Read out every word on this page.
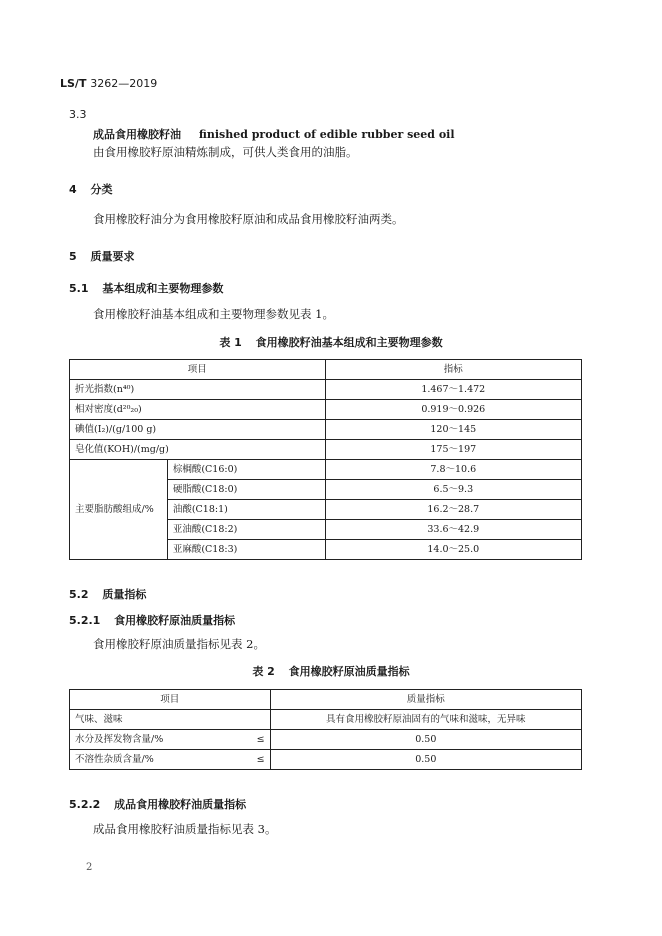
LS/T 3262—2019
3.3
成品食用橡胶籽油 finished product of edible rubber seed oil
由食用橡胶籽原油精炼制成，可供人类食用的油脂。
4 分类
食用橡胶籽油分为食用橡胶籽原油和成品食用橡胶籽油两类。
5 质量要求
5.1 基本组成和主要物理参数
食用橡胶籽油基本组成和主要物理参数见表 1。
表 1 食用橡胶籽油基本组成和主要物理参数
项目		指标
折光指数(n⁴⁰)		1.467～1.472
相对密度(d²⁰₂₀)		0.919～0.926
碘值(I₂)/(g/100 g)		120～145
皂化值(KOH)/(mg/g)		175～197
主要脂肪酸组成/%	棕榈酸(C16:0)	7.8～10.6
	硬脂酸(C18:0)	6.5～9.3
	油酸(C18:1)	16.2～28.7
	亚油酸(C18:2)	33.6～42.9
	亚麻酸(C18:3)	14.0～25.0
5.2 质量指标
5.2.1 食用橡胶籽原油质量指标
食用橡胶籽原油质量指标见表 2。
表 2 食用橡胶籽原油质量指标
项目	质量指标
气味、滋味	具有食用橡胶籽原油固有的气味和滋味，无异味
水分及挥发物含量/% ≤	0.50
不溶性杂质含量/% ≤	0.50
5.2.2 成品食用橡胶籽油质量指标
成品食用橡胶籽油质量指标见表 3。
2
